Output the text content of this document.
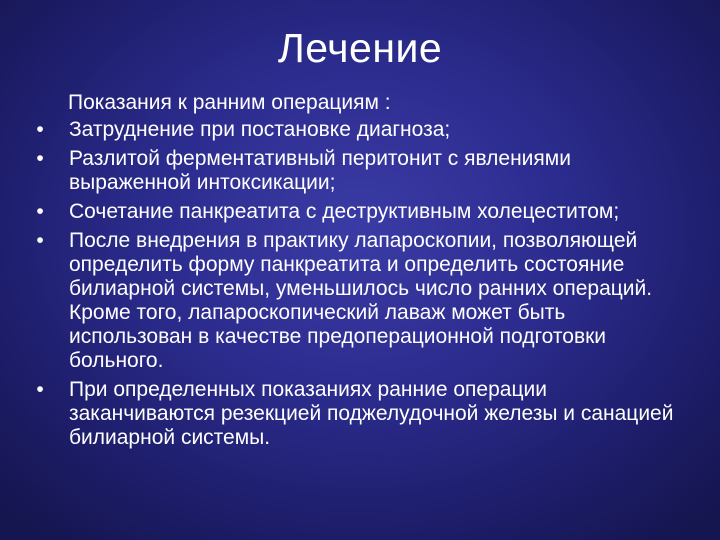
Лечение
Показания к ранним операциям :
•	Затруднение при постановке диагноза;
•	Разлитой ферментативный перитонит с явлениями выраженной интоксикации;
•	Сочетание панкреатита с деструктивным холецеститом;
•	После внедрения в практику лапароскопии, позволяющей определить форму панкреатита и определить состояние билиарной системы, уменьшилось число ранних операций. Кроме того, лапароскопический лаваж может быть использован в качестве предоперационной подготовки больного.
•	При определенных показаниях ранние операции заканчиваются резекцией поджелудочной железы и санацией билиарной системы.
